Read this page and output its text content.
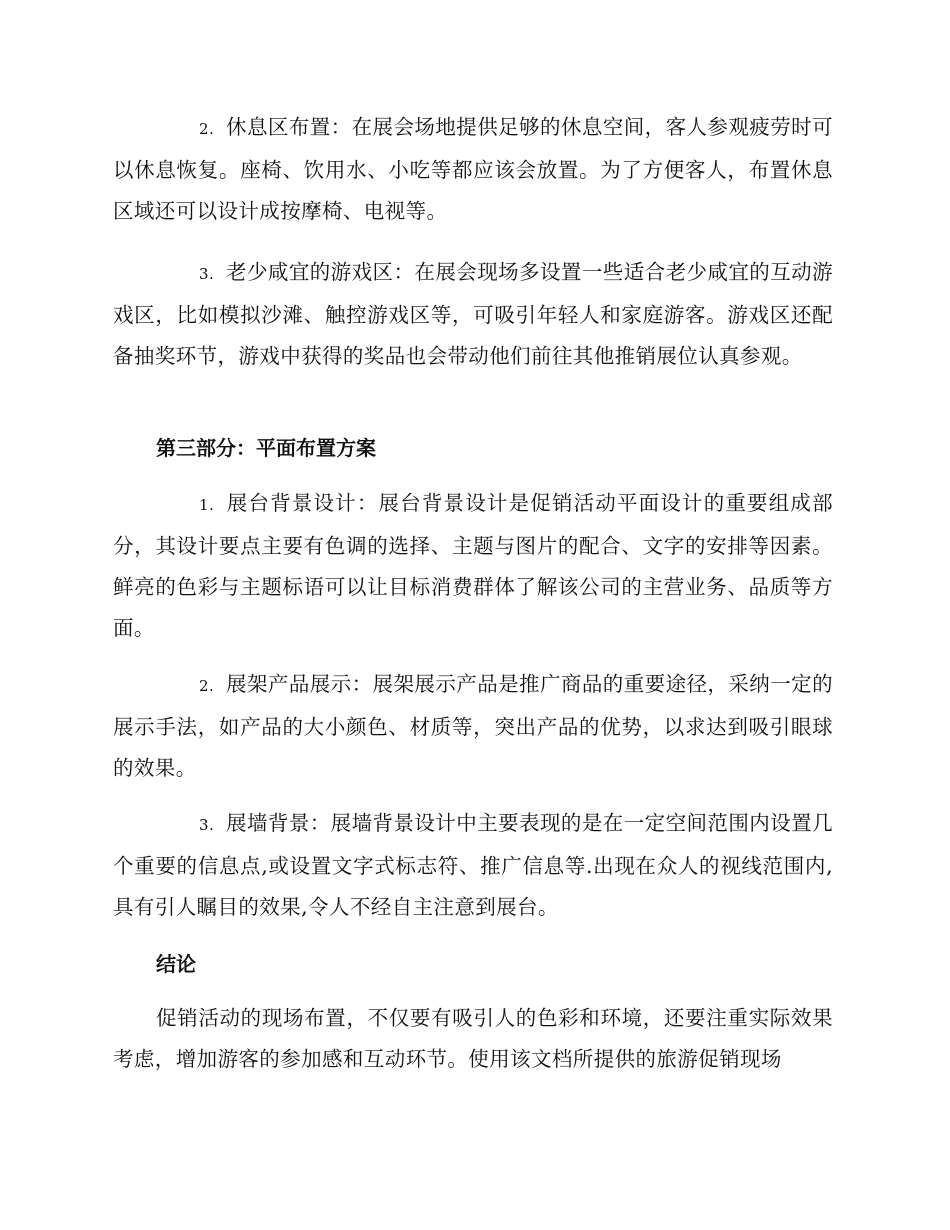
2. 休息区布置：在展会场地提供足够的休息空间，客人参观疲劳时可以休息恢复。座椅、饮用水、小吃等都应该会放置。为了方便客人，布置休息区域还可以设计成按摩椅、电视等。
3. 老少咸宜的游戏区：在展会现场多设置一些适合老少咸宜的互动游戏区，比如模拟沙滩、触控游戏区等，可吸引年轻人和家庭游客。游戏区还配备抽奖环节，游戏中获得的奖品也会带动他们前往其他推销展位认真参观。
第三部分：平面布置方案
1. 展台背景设计：展台背景设计是促销活动平面设计的重要组成部分，其设计要点主要有色调的选择、主题与图片的配合、文字的安排等因素。鲜亮的色彩与主题标语可以让目标消费群体了解该公司的主营业务、品质等方面。
2. 展架产品展示：展架展示产品是推广商品的重要途径，采纳一定的展示手法，如产品的大小颜色、材质等，突出产品的优势，以求达到吸引眼球的效果。
3. 展墙背景：展墙背景设计中主要表现的是在一定空间范围内设置几个重要的信息点,或设置文字式标志符、推广信息等.出现在众人的视线范围内,具有引人瞩目的效果,令人不经自主注意到展台。
结论
促销活动的现场布置，不仅要有吸引人的色彩和环境，还要注重实际效果考虑，增加游客的参加感和互动环节。使用该文档所提供的旅游促销现场
